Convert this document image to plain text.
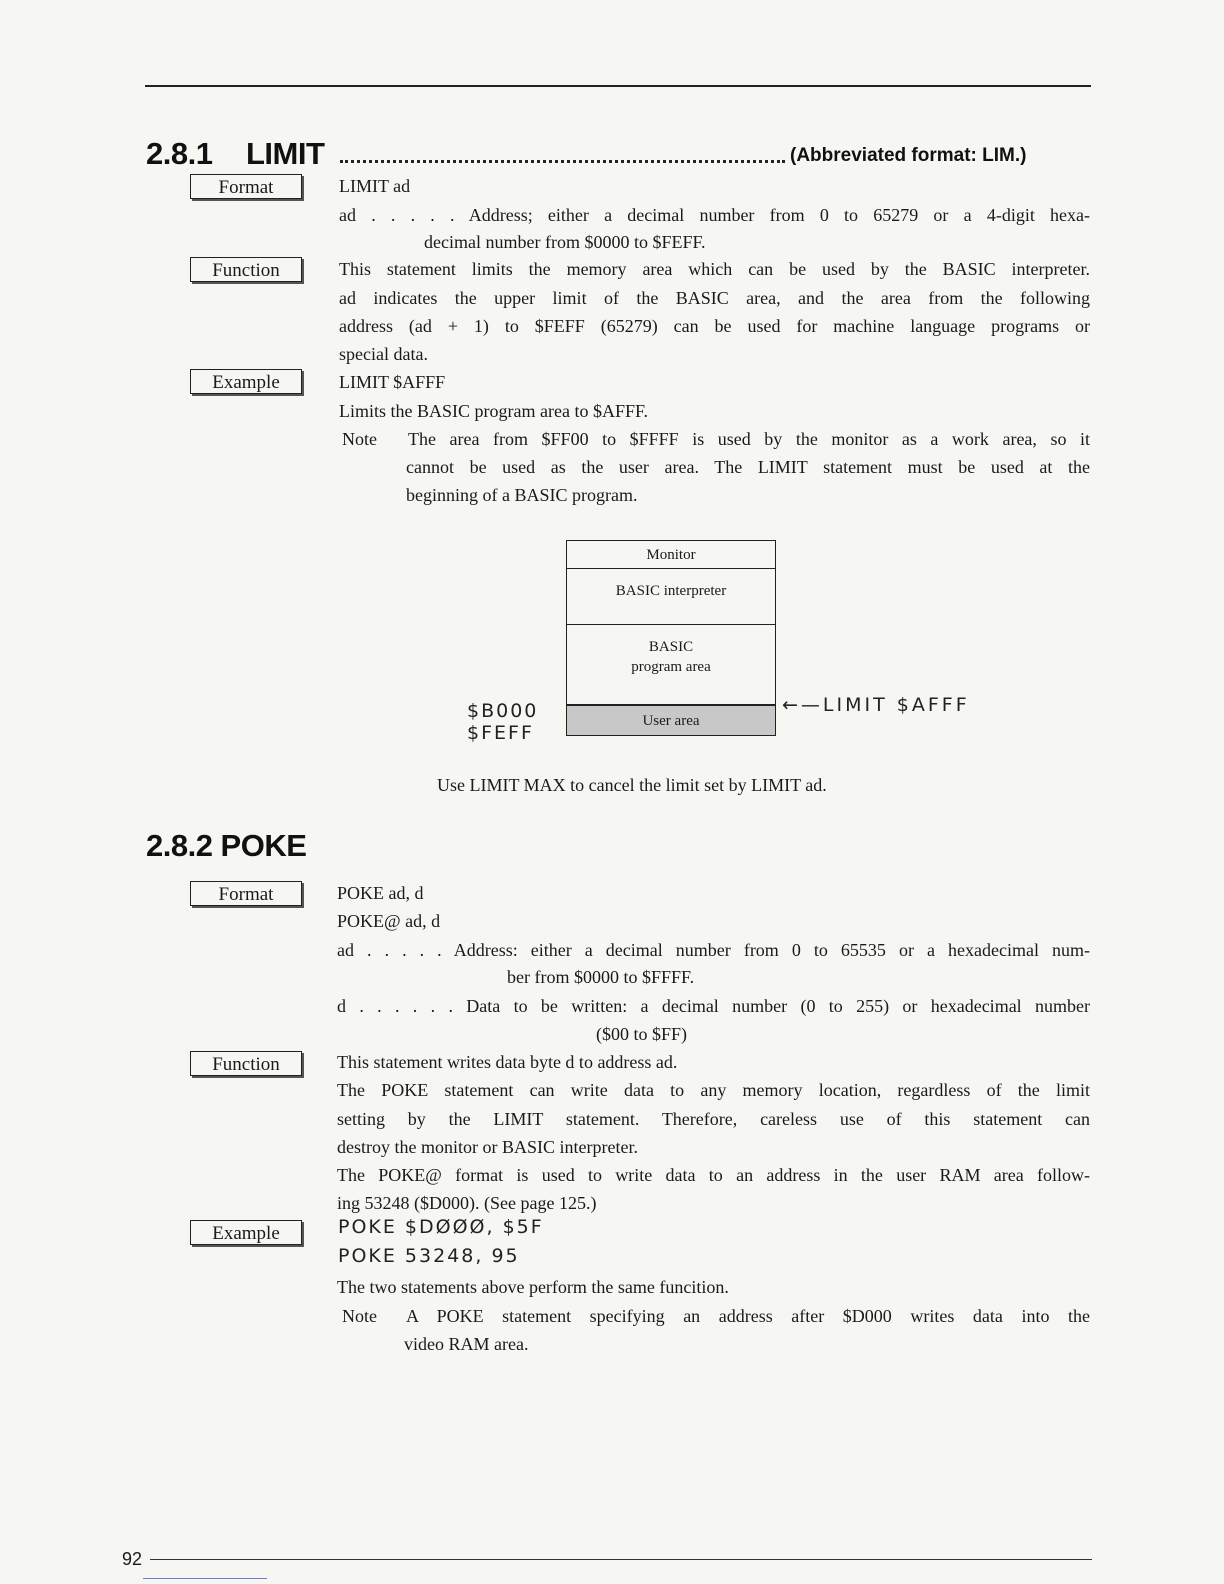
2.8.1 LIMIT	(Abbreviated format: LIM.)
Format	LIMIT ad
ad . . . . . Address; either a decimal number from 0 to 65279 or a 4-digit hexa-
decimal number from $0000 to $FEFF.
Function	This statement limits the memory area which can be used by the BASIC interpreter.
ad indicates the upper limit of the BASIC area, and the area from the following
address (ad + 1) to $FEFF (65279) can be used for machine language programs or
special data.
Example	LIMIT $AFFF
Limits the BASIC program area to $AFFF.
Note The area from $FF00 to $FFFF is used by the monitor as a work area, so it
cannot be used as the user area. The LIMIT statement must be used at the
beginning of a BASIC program.
Monitor
BASIC interpreter
BASIC
program area
User area
$B000
$FEFF
←—LIMIT $AFFF
Use LIMIT MAX to cancel the limit set by LIMIT ad.
2.8.2 POKE
Format	POKE ad, d
POKE@ ad, d
ad . . . . . Address: either a decimal number from 0 to 65535 or a hexadecimal num-
ber from $0000 to $FFFF.
d . . . . . . Data to be written: a decimal number (0 to 255) or hexadecimal number
($00 to $FF)
Function	This statement writes data byte d to address ad.
The POKE statement can write data to any memory location, regardless of the limit
setting by the LIMIT statement. Therefore, careless use of this statement can
destroy the monitor or BASIC interpreter.
The POKE@ format is used to write data to an address in the user RAM area follow-
ing 53248 ($D000). (See page 125.)
Example	POKE $DØØØ, $5F
POKE 53248, 95
The two statements above perform the same funcition.
Note A POKE statement specifying an address after $D000 writes data into the
video RAM area.
92
